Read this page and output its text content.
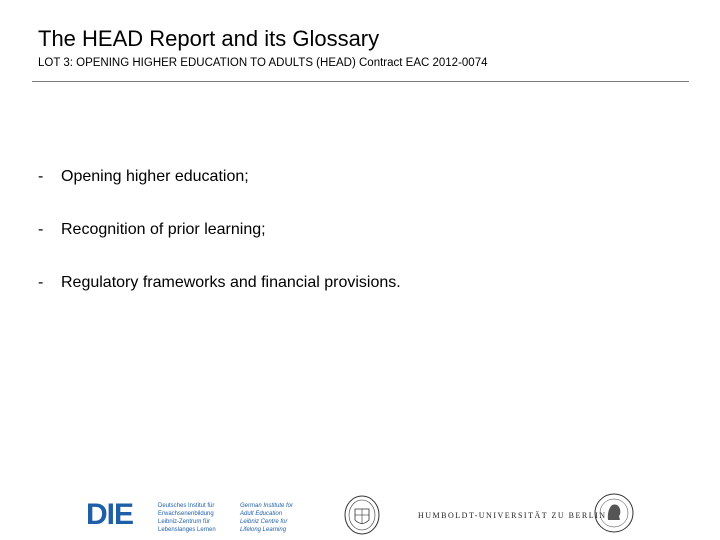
The HEAD Report and its Glossary
LOT 3: OPENING HIGHER EDUCATION TO ADULTS (HEAD) Contract EAC 2012-0074
-	Opening higher education;
-	Recognition of prior learning;
-	Regulatory frameworks and financial provisions.
DIE	Deutsches Institut für
Erwachsenenbildung
Leibniz-Zentrum für
Lebenslanges Lernen
German Institute for
Adult Education
Leibniz Centre for
Lifelong Learning
HUMBOLDT-UNIVERSITÄT ZU BERLIN
